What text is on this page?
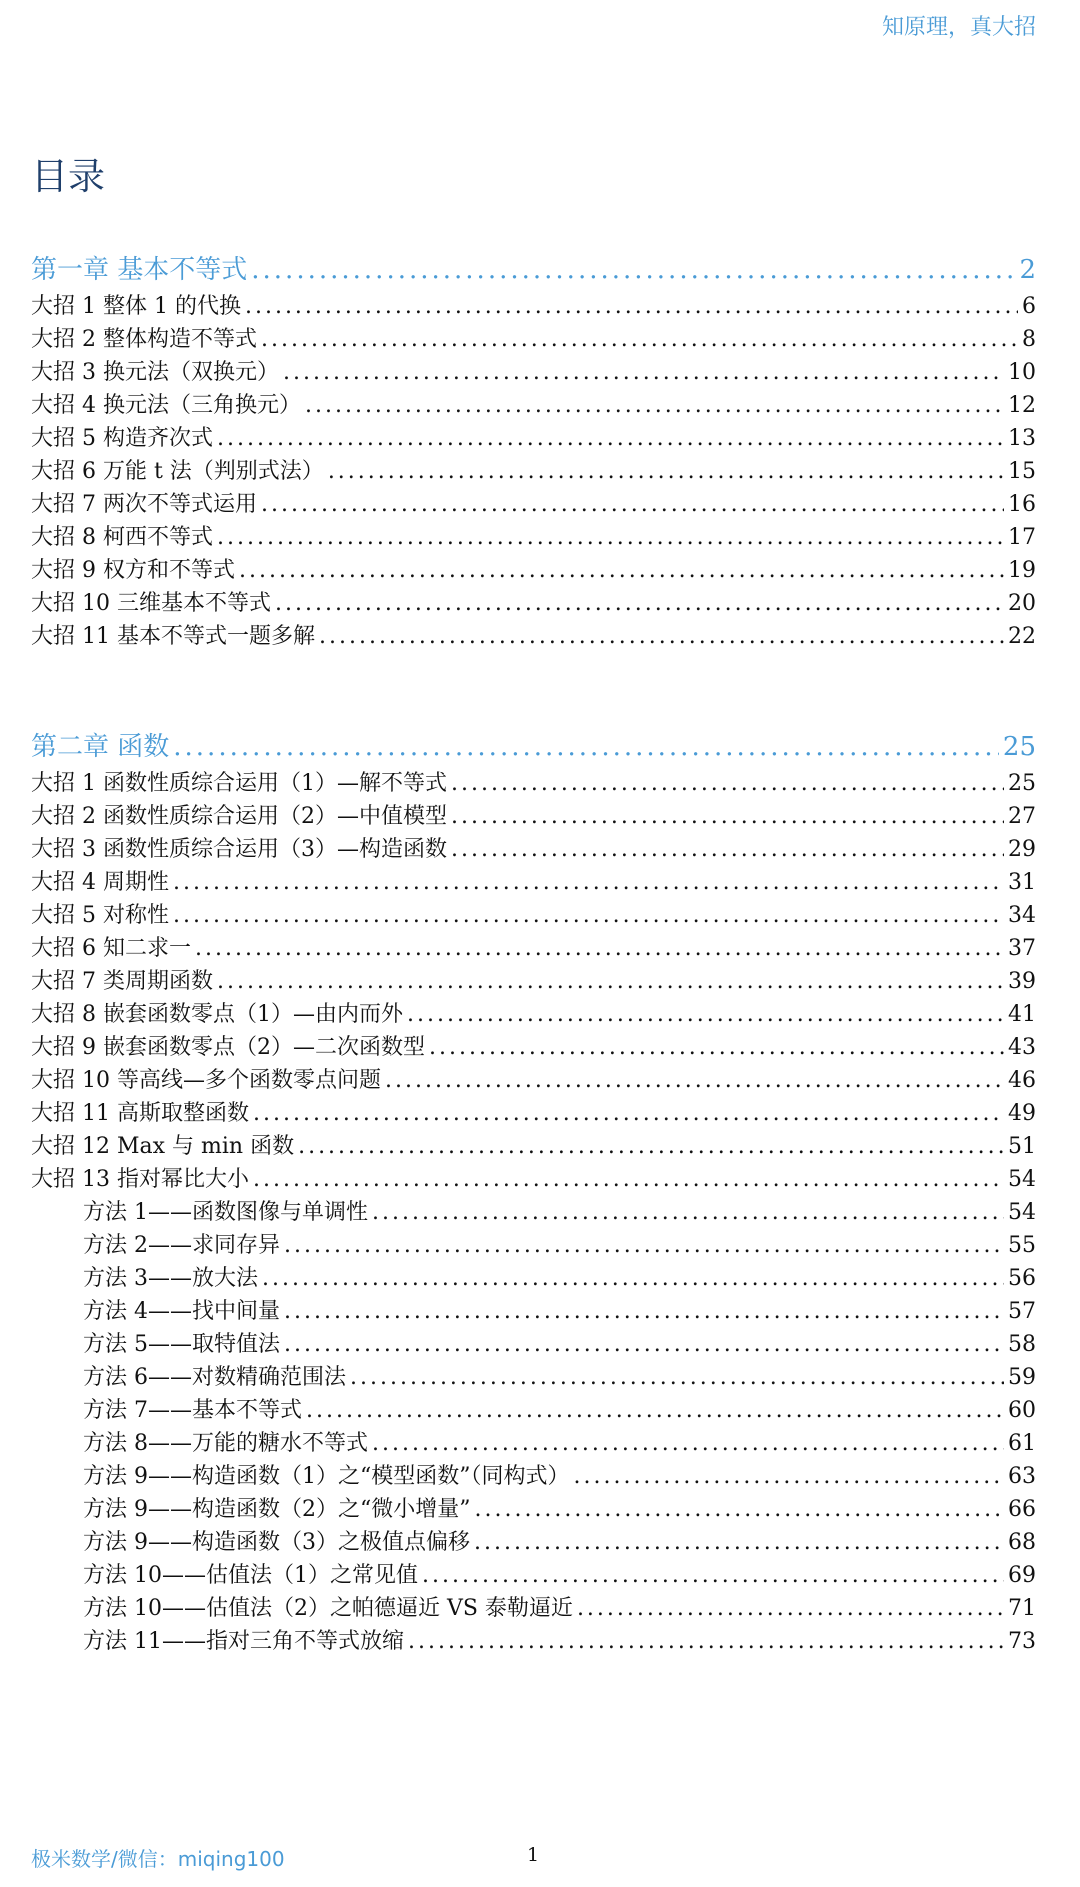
知原理，真大招
目录
第一章 基本不等式 .....	2
大招 1 整体 1 的代换 .....	6
大招 2 整体构造不等式 .....	8
大招 3 换元法（双换元） .....	10
大招 4 换元法（三角换元） .....	12
大招 5 构造齐次式 .....	13
大招 6 万能 t 法（判别式法） .....	15
大招 7 两次不等式运用 .....	16
大招 8 柯西不等式 .....	17
大招 9 权方和不等式 .....	19
大招 10 三维基本不等式 .....	20
大招 11 基本不等式一题多解 .....	22
第二章 函数 .....	25
大招 1 函数性质综合运用（1）—解不等式 .....	25
大招 2 函数性质综合运用（2）—中值模型 .....	27
大招 3 函数性质综合运用（3）—构造函数 .....	29
大招 4 周期性 .....	31
大招 5 对称性 .....	34
大招 6 知二求一 .....	37
大招 7 类周期函数 .....	39
大招 8 嵌套函数零点（1）—由内而外 .....	41
大招 9 嵌套函数零点（2）—二次函数型 .....	43
大招 10 等高线—多个函数零点问题 .....	46
大招 11 高斯取整函数 .....	49
大招 12 Max 与 min 函数 .....	51
大招 13 指对幂比大小 .....	54
方法 1——函数图像与单调性 .....	54
方法 2——求同存异 .....	55
方法 3——放大法 .....	56
方法 4——找中间量 .....	57
方法 5——取特值法 .....	58
方法 6——对数精确范围法 .....	59
方法 7——基本不等式 .....	60
方法 8——万能的糖水不等式 .....	61
方法 9——构造函数（1）之“模型函数”（同构式） .....	63
方法 9——构造函数（2）之“微小增量” .....	66
方法 9——构造函数（3）之极值点偏移 .....	68
方法 10——估值法（1）之常见值 .....	69
方法 10——估值法（2）之帕德逼近 VS 泰勒逼近 .....	71
方法 11——指对三角不等式放缩 .....	73
极米数学/微信：miqing100	1
